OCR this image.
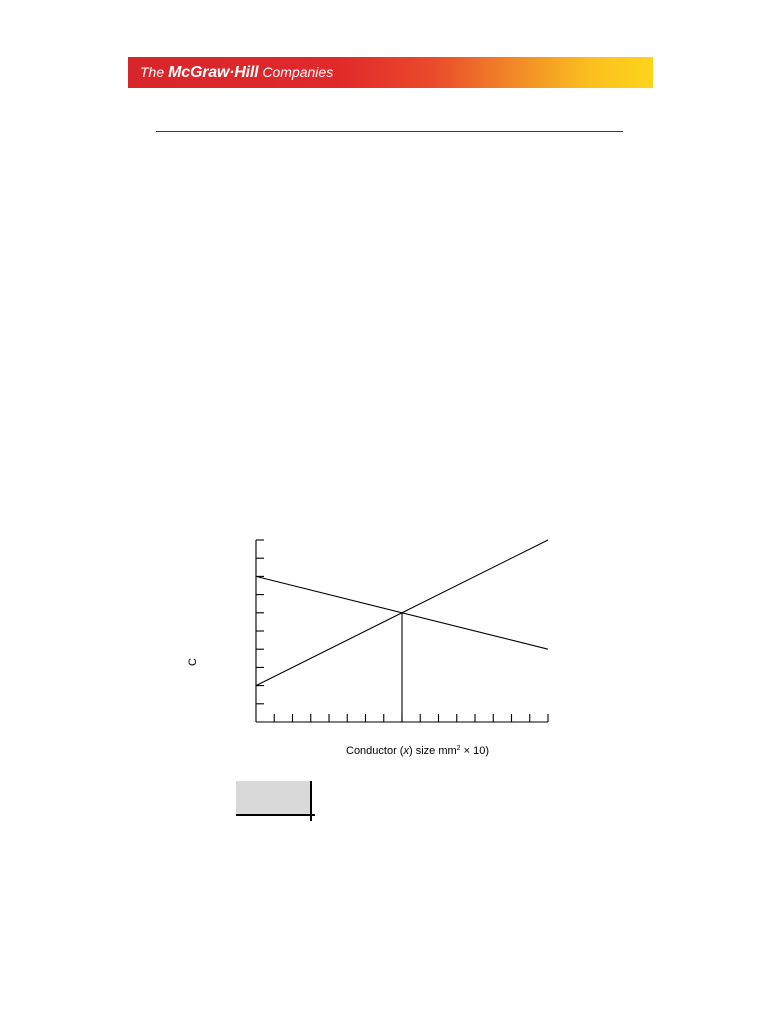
The McGraw·Hill Companies
C
Conductor (x) size $mm^2 \times 10$)
